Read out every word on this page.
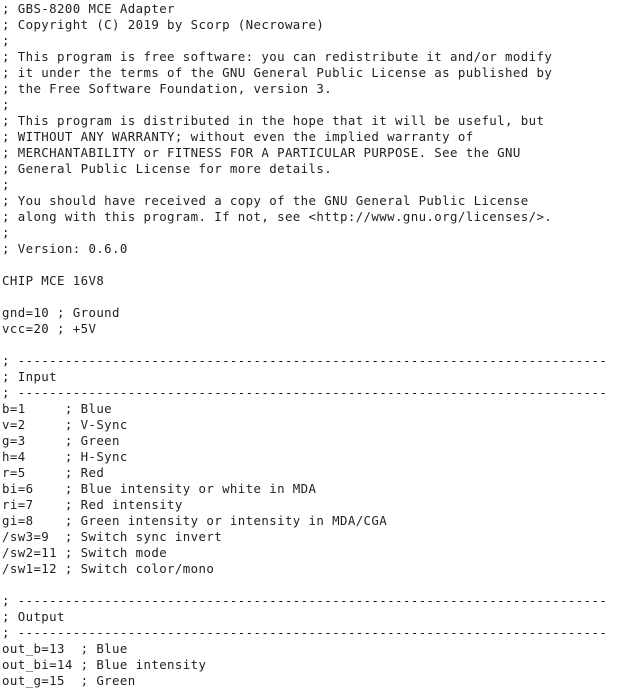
; GBS-8200 MCE Adapter
; Copyright (C) 2019 by Scorp (Necroware)
;
; This program is free software: you can redistribute it and/or modify
; it under the terms of the GNU General Public License as published by
; the Free Software Foundation, version 3.
;
; This program is distributed in the hope that it will be useful, but
; WITHOUT ANY WARRANTY; without even the implied warranty of
; MERCHANTABILITY or FITNESS FOR A PARTICULAR PURPOSE. See the GNU
; General Public License for more details.
;
; You should have received a copy of the GNU General Public License
; along with this program. If not, see <http://www.gnu.org/licenses/>.
;
; Version: 0.6.0
CHIP MCE 16V8
gnd=10 ; Ground
vcc=20 ; +5V
; ---------------------------------------------------------------------------
; Input
; ---------------------------------------------------------------------------
b=1     ; Blue
v=2     ; V-Sync
g=3     ; Green
h=4     ; H-Sync
r=5     ; Red
bi=6    ; Blue intensity or white in MDA
ri=7    ; Red intensity
gi=8    ; Green intensity or intensity in MDA/CGA
/sw3=9  ; Switch sync invert
/sw2=11 ; Switch mode
/sw1=12 ; Switch color/mono
; ---------------------------------------------------------------------------
; Output
; ---------------------------------------------------------------------------
out_b=13  ; Blue
out_bi=14 ; Blue intensity
out_g=15  ; Green
